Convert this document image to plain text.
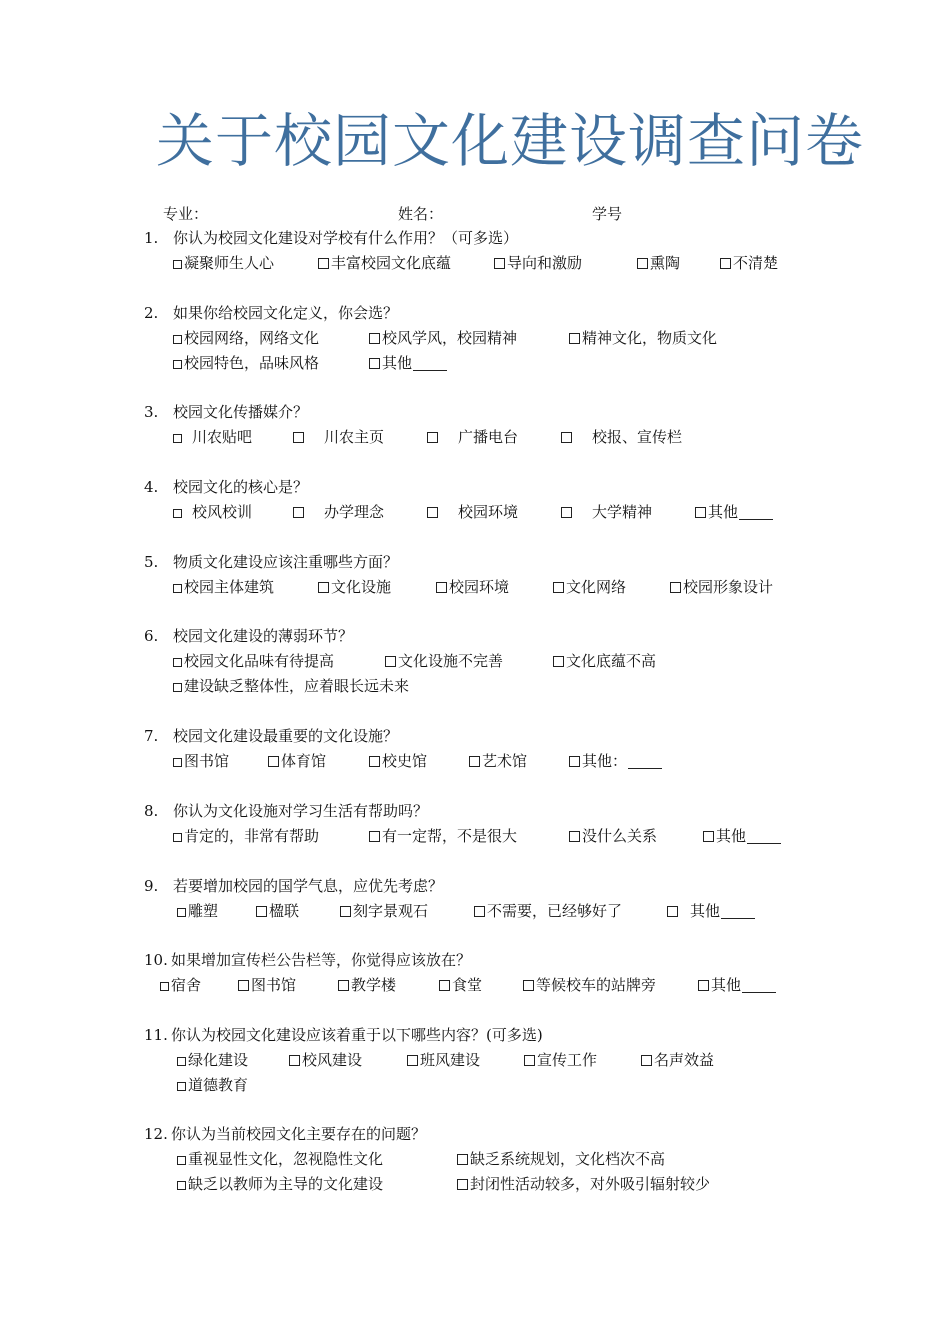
关于校园文化建设调查问卷
专业：	姓名：	学号
1. 你认为校园文化建设对学校有什么作用？（可多选）
凝聚师生人心	丰富校园文化底蕴	导向和激励	熏陶	不清楚
2. 如果你给校园文化定义，你会选？
校园网络，网络文化	校风学风，校园精神	精神文化，物质文化
校园特色，品味风格	其他
3. 校园文化传播媒介？
川农贴吧	川农主页	广播电台	校报、宣传栏
4. 校园文化的核心是？
校风校训	办学理念	校园环境	大学精神	其他
5. 物质文化建设应该注重哪些方面？
校园主体建筑	文化设施	校园环境	文化网络	校园形象设计
6. 校园文化建设的薄弱环节？
校园文化品味有待提高	文化设施不完善	文化底蕴不高
建设缺乏整体性，应着眼长远未来
7. 校园文化建设最重要的文化设施？
图书馆	体育馆	校史馆	艺术馆	其他：
8. 你认为文化设施对学习生活有帮助吗？
肯定的，非常有帮助	有一定帮，不是很大	没什么关系	其他
9. 若要增加校园的国学气息，应优先考虑？
雕塑	楹联	刻字景观石	不需要，已经够好了	其他
10. 如果增加宣传栏公告栏等，你觉得应该放在？
宿舍	图书馆	教学楼	食堂	等候校车的站牌旁	其他
11. 你认为校园文化建设应该着重于以下哪些内容？(可多选)
绿化建设	校风建设	班风建设	宣传工作	名声效益
道德教育
12. 你认为当前校园文化主要存在的问题？
重视显性文化，忽视隐性文化	缺乏系统规划，文化档次不高
缺乏以教师为主导的文化建设	封闭性活动较多，对外吸引辐射较少
